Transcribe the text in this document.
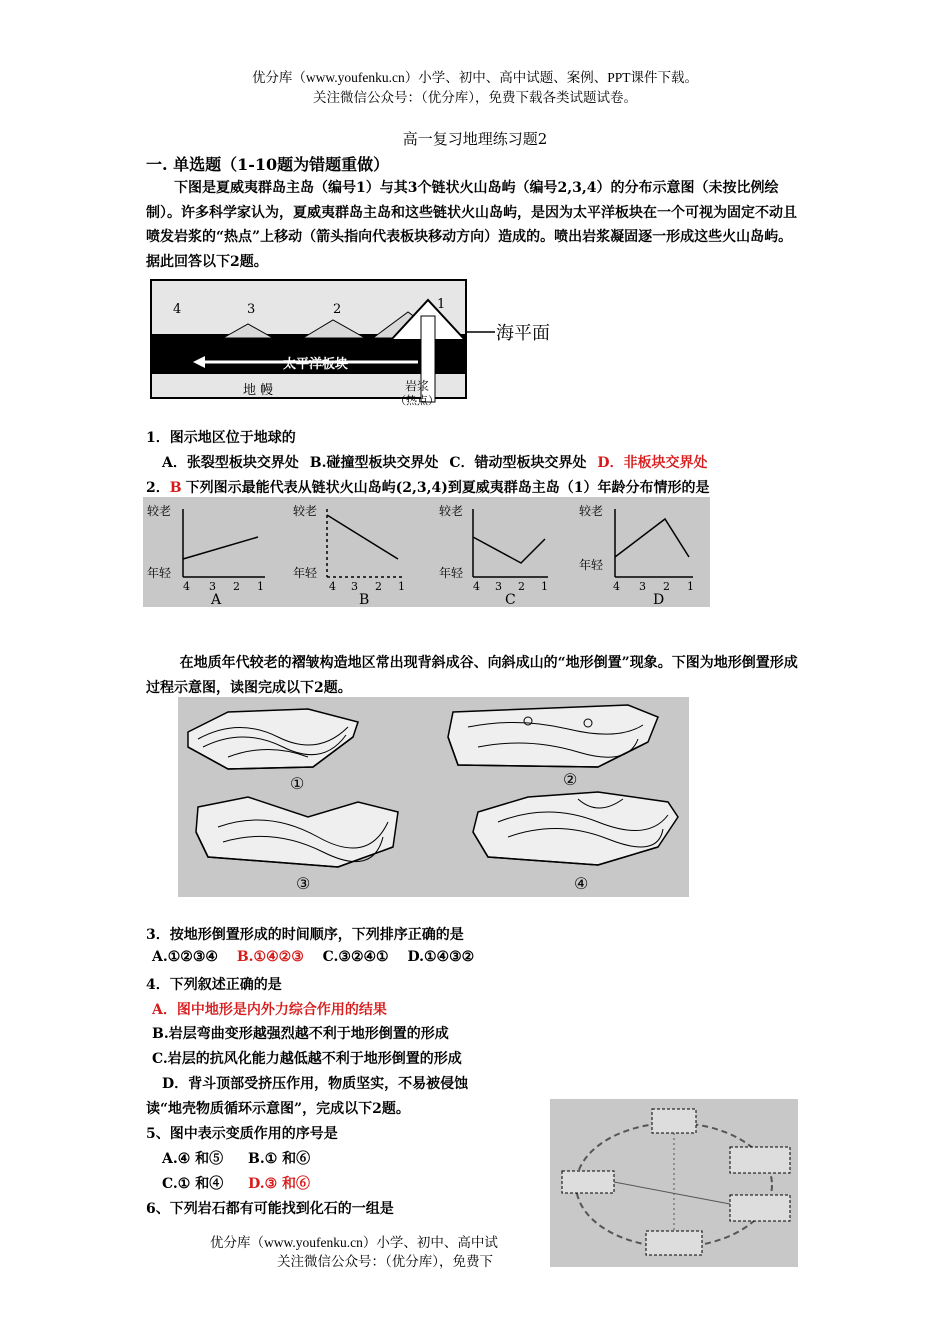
优分库（www.youfenku.cn）小学、初中、高中试题、案例、PPT课件下载。
关注微信公众号：（优分库），免费下载各类试题试卷。
高一复习地理练习题2
一. 单选题（1-10题为错题重做）
下图是夏威夷群岛主岛（编号1）与其3个链状火山岛屿（编号2,3,4）的分布示意图（未按比例绘制）。许多科学家认为，夏威夷群岛主岛和这些链状火山岛屿，是因为太平洋板块在一个可视为固定不动且喷发岩浆的“热点”上移动（箭头指向代表板块移动方向）造成的。喷出岩浆凝固逐一形成这些火山岛屿。据此回答以下2题。
4	3	2	1
海平面
太平洋板块
地 幔	岩浆
（热点）
1．图示地区位于地球的
A．张裂型板块交界处 B.碰撞型板块交界处 C．错动型板块交界处 D．非板块交界处
2．B 下列图示最能代表从链状火山岛屿(2,3,4)到夏威夷群岛主岛（1）年龄分布情形的是
较老
年轻
4 3 2 1
A
较老
年轻
4 3 2 1
B
较老
年轻
4 3 2 1
C
较老
年轻
4 3 2 1
D
在地质年代较老的褶皱构造地区常出现背斜成谷、向斜成山的“地形倒置”现象。下图为地形倒置形成过程示意图，读图完成以下2题。
①	②
③	④
3．按地形倒置形成的时间顺序，下列排序正确的是
A.①②③④ B.①④②③ C.③②④① D.①④③②
4．下列叙述正确的是
A．图中地形是内外力综合作用的结果
B.岩层弯曲变形越强烈越不利于地形倒置的形成
C.岩层的抗风化能力越低越不利于地形倒置的形成
D．背斗顶部受挤压作用，物质坚实，不易被侵蚀
读“地壳物质循环示意图”，完成以下2题。
5、图中表示变质作用的序号是
A.④ 和⑤ B.① 和⑥
C.① 和④ D.③ 和⑥
6、下列岩石都有可能找到化石的一组是
优分库（www.youfenku.cn）小学、初中、高中试
关注微信公众号：（优分库），免费下
